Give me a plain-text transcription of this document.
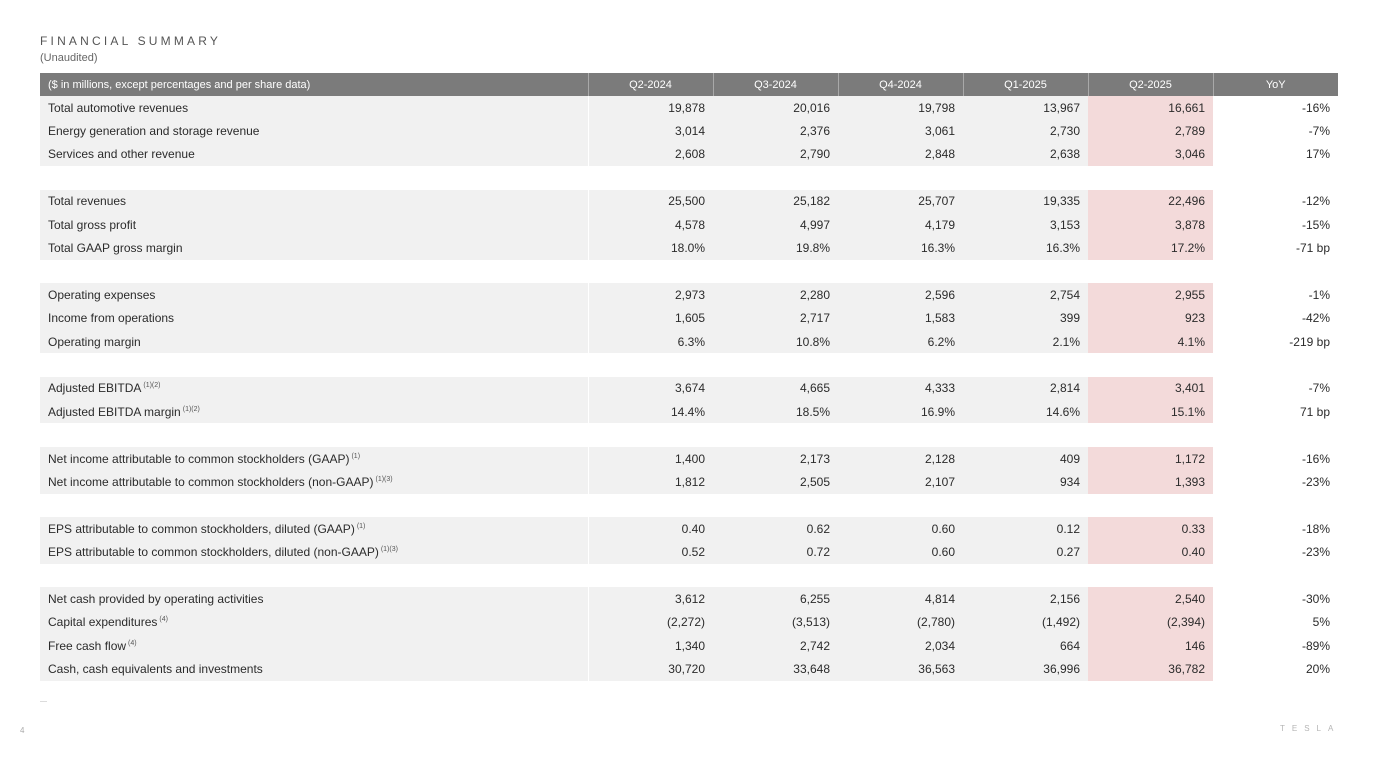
FINANCIAL SUMMARY
(Unaudited)
($ in millions, except percentages and per share data)	Q2-2024	Q3-2024	Q4-2024	Q1-2025	Q2-2025	YoY
Total automotive revenues	19,878	20,016	19,798	13,967	16,661	-16%
Energy generation and storage revenue	3,014	2,376	3,061	2,730	2,789	-7%
Services and other revenue	2,608	2,790	2,848	2,638	3,046	17%

Total revenues	25,500	25,182	25,707	19,335	22,496	-12%
Total gross profit	4,578	4,997	4,179	3,153	3,878	-15%
Total GAAP gross margin	18.0%	19.8%	16.3%	16.3%	17.2%	-71 bp

Operating expenses	2,973	2,280	2,596	2,754	2,955	-1%
Income from operations	1,605	2,717	1,583	399	923	-42%
Operating margin	6.3%	10.8%	6.2%	2.1%	4.1%	-219 bp

Adjusted EBITDA $^{(1)(2)}$	3,674	4,665	4,333	2,814	3,401	-7%
Adjusted EBITDA margin $^{(1)(2)}$	14.4%	18.5%	16.9%	14.6%	15.1%	71 bp

Net income attributable to common stockholders (GAAP) $^{(1)}$	1,400	2,173	2,128	409	1,172	-16%
Net income attributable to common stockholders (non-GAAP) $^{(1)(3)}$	1,812	2,505	2,107	934	1,393	-23%

EPS attributable to common stockholders, diluted (GAAP) $^{(1)}$	0.40	0.62	0.60	0.12	0.33	-18%
EPS attributable to common stockholders, diluted (non-GAAP) $^{(1)(3)}$	0.52	0.72	0.60	0.27	0.40	-23%

Net cash provided by operating activities	3,612	6,255	4,814	2,156	2,540	-30%
Capital expenditures $^{(4)}$	(2,272)	(3,513)	(2,780)	(1,492)	(2,394)	5%
Free cash flow $^{(4)}$	1,340	2,742	2,034	664	146	-89%
Cash, cash equivalents and investments	30,720	33,648	36,563	36,996	36,782	20%
—
4	TESLA
